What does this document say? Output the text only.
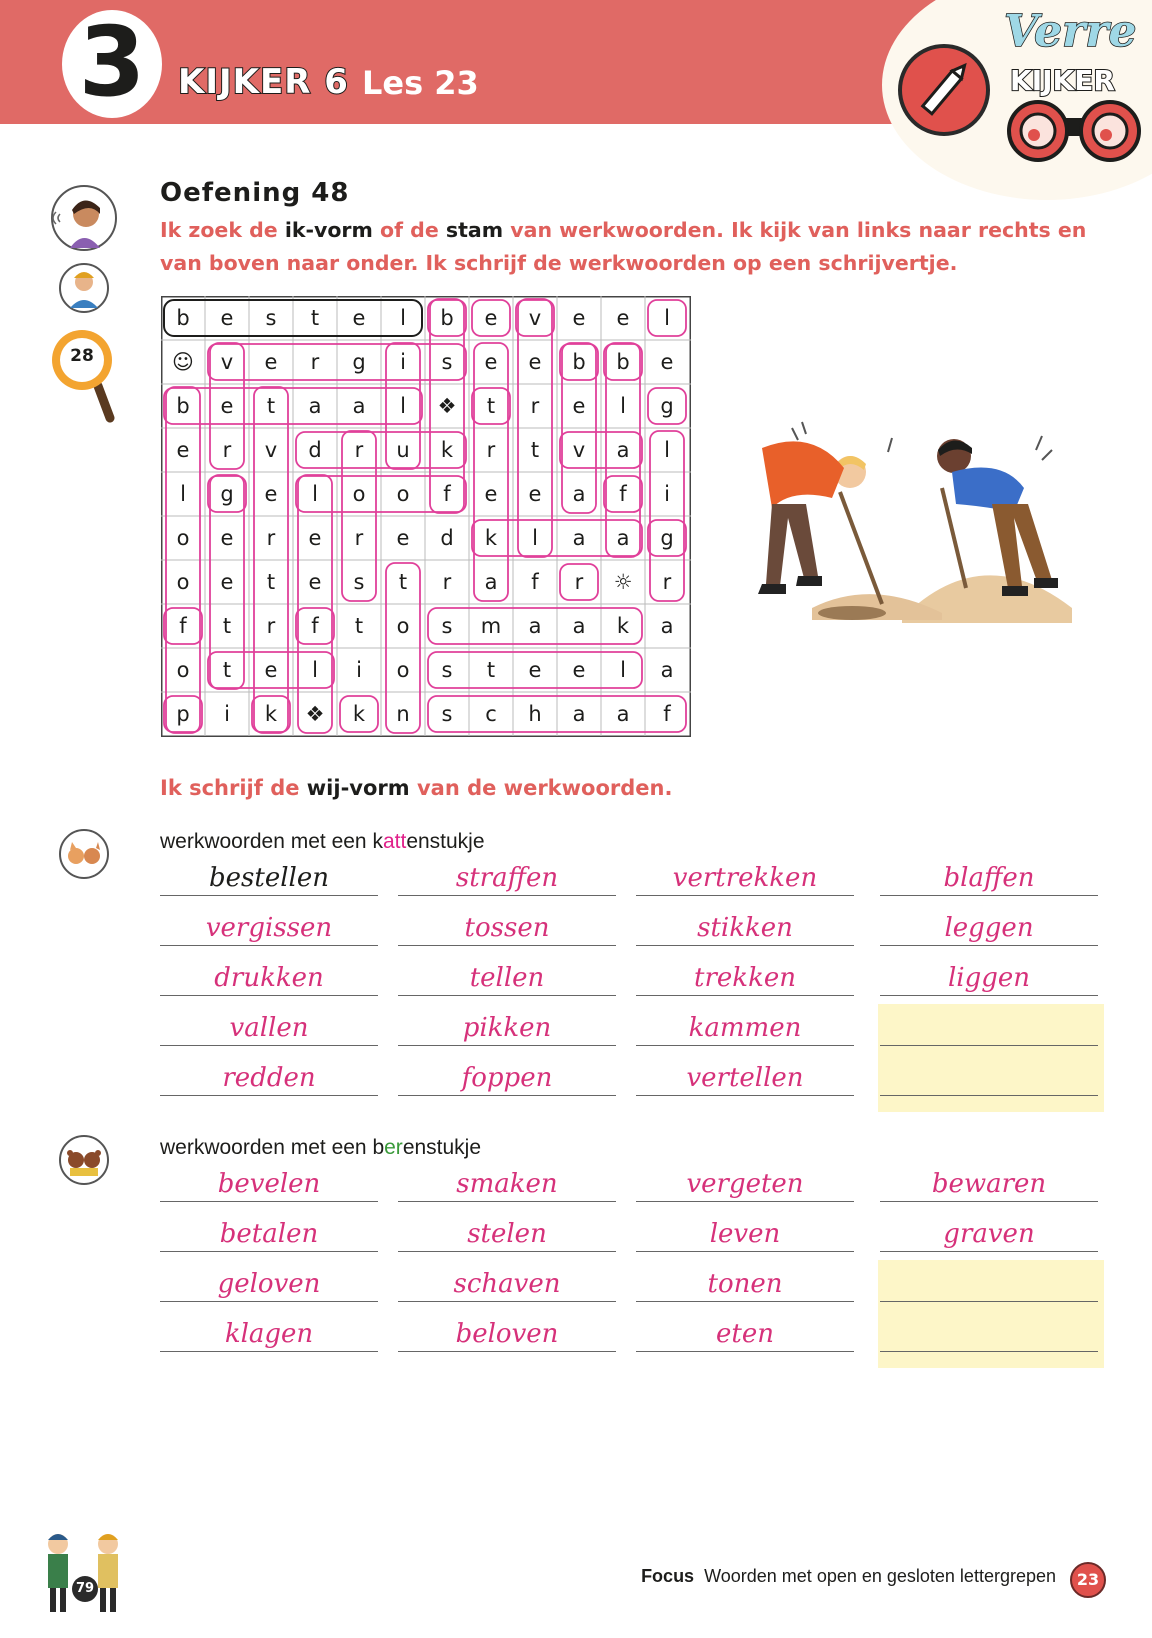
3 KIJKER 6 Les 23
Verre
KIJKER
28
Oefening 48
Ik zoek de ik-vorm of de stam van werkwoorden. Ik kijk van links naar rechts en van boven naar onder. Ik schrijf de werkwoorden op een schrijvertje.
b e s t e l b e v e e l
☺ v e r g i s e e b b e
b e t a a l ❖ t r e l g
e r v d r u k r t v a l
l g e l o o f e e a f i
o e r e r e d k l a a g
o e t e s t r a f r ☼ r
f t r f t o s m a a k a
o t e l i o s t e e l a
p i k ❖ k n s c h a a f
Ik schrijf de wij-vorm van de werkwoorden.
werkwoorden met een kattenstukje
bestellen	straffen	vertrekken	blaffen
vergissen	tossen	stikken	leggen
drukken	tellen	trekken	liggen
vallen	pikken	kammen
redden	foppen	vertellen
werkwoorden met een berenstukje
bevelen	smaken	vergeten	bewaren
betalen	stelen	leven	graven
geloven	schaven	tonen
klagen	beloven	eten
79
Focus Woorden met open en gesloten lettergrepen	23
